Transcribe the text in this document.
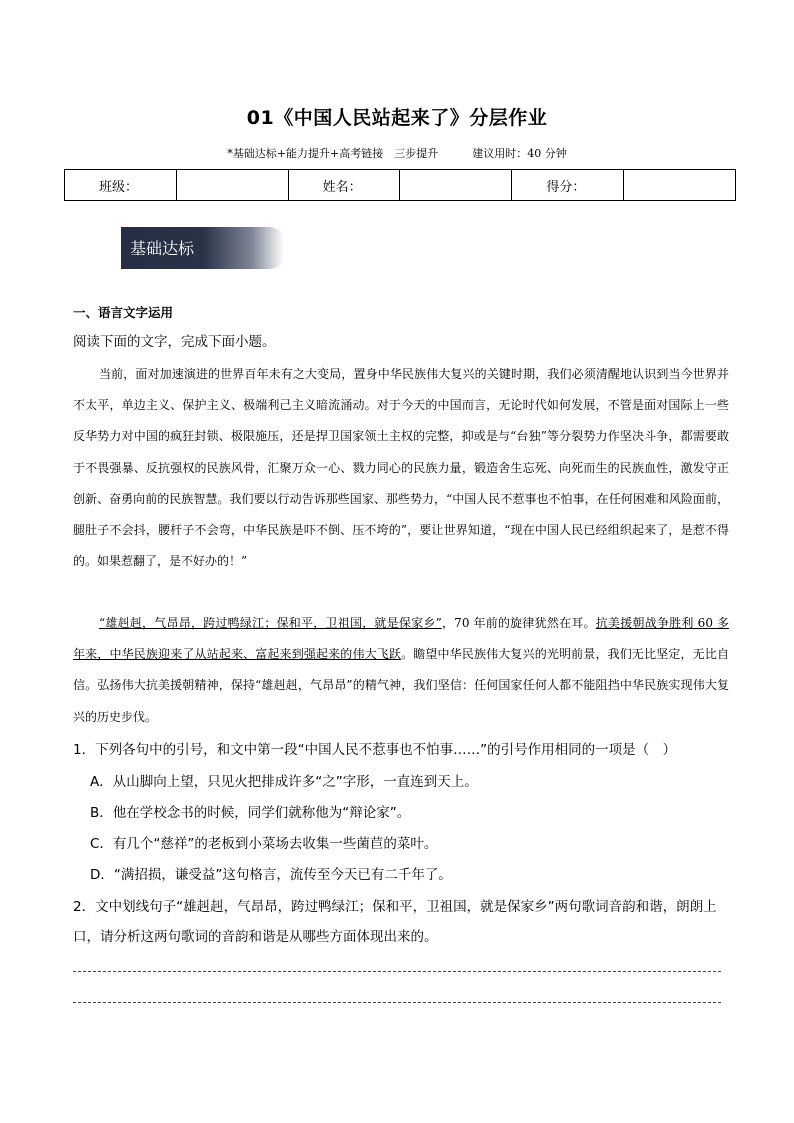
01《中国人民站起来了》分层作业
*基础达标+能力提升+高考链接　三步提升	建议用时：40 分钟
班级：		姓名：		得分：	
基础达标
一、语言文字运用
阅读下面的文字，完成下面小题。
当前，面对加速演进的世界百年未有之大变局，置身中华民族伟大复兴的关键时期，我们必须清醒地认识到当今世界并不太平，单边主义、保护主义、极端利己主义暗流涌动。对于今天的中国而言，无论时代如何发展，不管是面对国际上一些反华势力对中国的疯狂封锁、极限施压，还是捍卫国家领土主权的完整，抑或是与“台独”等分裂势力作坚决斗争，都需要敢于不畏强暴、反抗强权的民族风骨，汇聚万众一心、戮力同心的民族力量，锻造舍生忘死、向死而生的民族血性，激发守正创新、奋勇向前的民族智慧。我们要以行动告诉那些国家、那些势力，“中国人民不惹事也不怕事，在任何困难和风险面前，腿肚子不会抖，腰杆子不会弯，中华民族是吓不倒、压不垮的”，要让世界知道，“现在中国人民已经组织起来了，是惹不得的。如果惹翻了，是不好办的！”
“雄赳赳，气昂昂，跨过鸭绿江；保和平，卫祖国，就是保家乡”，70 年前的旋律犹然在耳。抗美援朝战争胜利 60 多年来，中华民族迎来了从站起来、富起来到强起来的伟大飞跃。瞻望中华民族伟大复兴的光明前景，我们无比坚定，无比自信。弘扬伟大抗美援朝精神，保持“雄赳赳，气昂昂”的精气神，我们坚信：任何国家任何人都不能阻挡中华民族实现伟大复兴的历史步伐。
1．下列各句中的引号，和文中第一段“中国人民不惹事也不怕事……”的引号作用相同的一项是（　）
A．从山脚向上望，只见火把排成许多“之”字形，一直连到天上。
B．他在学校念书的时候，同学们就称他为“辩论家”。
C．有几个“慈祥”的老板到小菜场去收集一些菌苣的菜叶。
D．“满招损，谦受益”这句格言，流传至今天已有二千年了。
2．文中划线句子“雄赳赳，气昂昂，跨过鸭绿江；保和平，卫祖国，就是保家乡”两句歌词音韵和谐，朗朗上口，请分析这两句歌词的音韵和谐是从哪些方面体现出来的。
